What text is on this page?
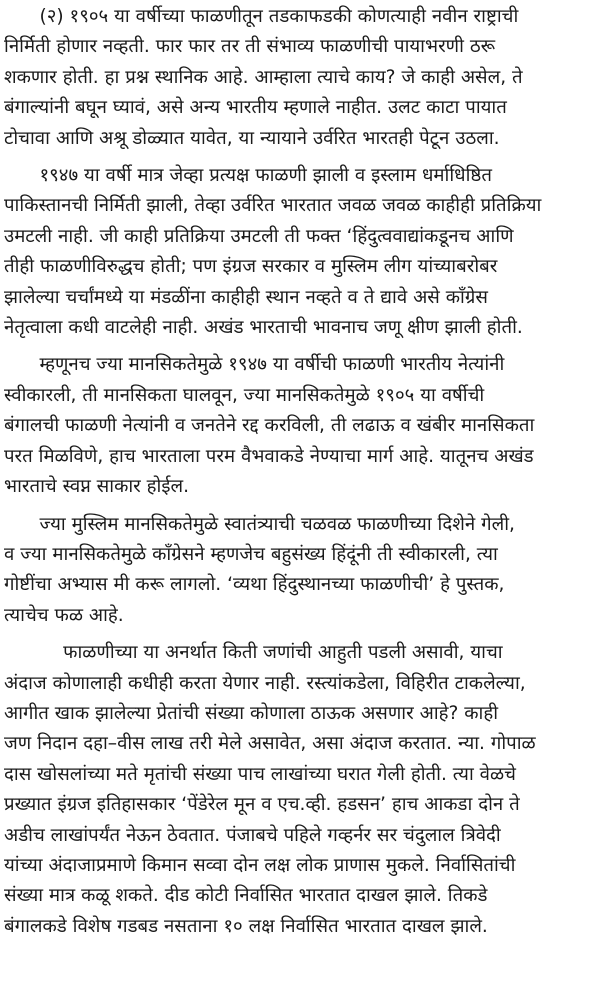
(२) १९०५ या वर्षीच्या फाळणीतून तडकाफडकी कोणत्याही नवीन राष्ट्राची
निर्मिती होणार नव्हती. फार फार तर ती संभाव्य फाळणीची पायाभरणी ठरू
शकणार होती. हा प्रश्न स्थानिक आहे. आम्हाला त्याचे काय? जे काही असेल, ते
बंगाल्यांनी बघून घ्यावं, असे अन्य भारतीय म्हणाले नाहीत. उलट काटा पायात
टोचावा आणि अश्रू डोळ्यात यावेत, या न्यायाने उर्वरित भारतही पेटून उठला.
१९४७ या वर्षी मात्र जेव्हा प्रत्यक्ष फाळणी झाली व इस्लाम धर्माधिष्ठित
पाकिस्तानची निर्मिती झाली, तेव्हा उर्वरित भारतात जवळ जवळ काहीही प्रतिक्रिया
उमटली नाही. जी काही प्रतिक्रिया उमटली ती फक्त ‘हिंदुत्ववाद्यांकडूनच आणि
तीही फाळणीविरुद्धच होती; पण इंग्रज सरकार व मुस्लिम लीग यांच्याबरोबर
झालेल्या चर्चांमध्ये या मंडळींना काहीही स्थान नव्हते व ते द्यावे असे काँग्रेस
नेतृत्वाला कधी वाटलेही नाही. अखंड भारताची भावनाच जणू क्षीण झाली होती.
म्हणूनच ज्या मानसिकतेमुळे १९४७ या वर्षीची फाळणी भारतीय नेत्यांनी
स्वीकारली, ती मानसिकता घालवून, ज्या मानसिकतेमुळे १९०५ या वर्षीची
बंगालची फाळणी नेत्यांनी व जनतेने रद्द करविली, ती लढाऊ व खंबीर मानसिकता
परत मिळविणे, हाच भारताला परम वैभवाकडे नेण्याचा मार्ग आहे. यातूनच अखंड
भारताचे स्वप्न साकार होईल.
ज्या मुस्लिम मानसिकतेमुळे स्वातंत्र्याची चळवळ फाळणीच्या दिशेने गेली,
व ज्या मानसिकतेमुळे काँग्रेसने म्हणजेच बहुसंख्य हिंदूंनी ती स्वीकारली, त्या
गोष्टींचा अभ्यास मी करू लागलो. ‘व्यथा हिंदुस्थानच्या फाळणीची’ हे पुस्तक,
त्याचेच फळ आहे.
फाळणीच्या या अनर्थात किती जणांची आहुती पडली असावी, याचा
अंदाज कोणालाही कधीही करता येणार नाही. रस्त्यांकडेला, विहिरीत टाकलेल्या,
आगीत खाक झालेल्या प्रेतांची संख्या कोणाला ठाऊक असणार आहे? काही
जण निदान दहा–वीस लाख तरी मेले असावेत, असा अंदाज करतात. न्या. गोपाळ
दास खोसलांच्या मते मृतांची संख्या पाच लाखांच्या घरात गेली होती. त्या वेळचे
प्रख्यात इंग्रज इतिहासकार ‘पेंडेरेल मून व एच.व्ही. हडसन’ हाच आकडा दोन ते
अडीच लाखांपर्यंत नेऊन ठेवतात. पंजाबचे पहिले गव्हर्नर सर चंदुलाल त्रिवेदी
यांच्या अंदाजाप्रमाणे किमान सव्वा दोन लक्ष लोक प्राणास मुकले. निर्वासितांची
संख्या मात्र कळू शकते. दीड कोटी निर्वासित भारतात दाखल झाले. तिकडे
बंगालकडे विशेष गडबड नसताना १० लक्ष निर्वासित भारतात दाखल झाले.
